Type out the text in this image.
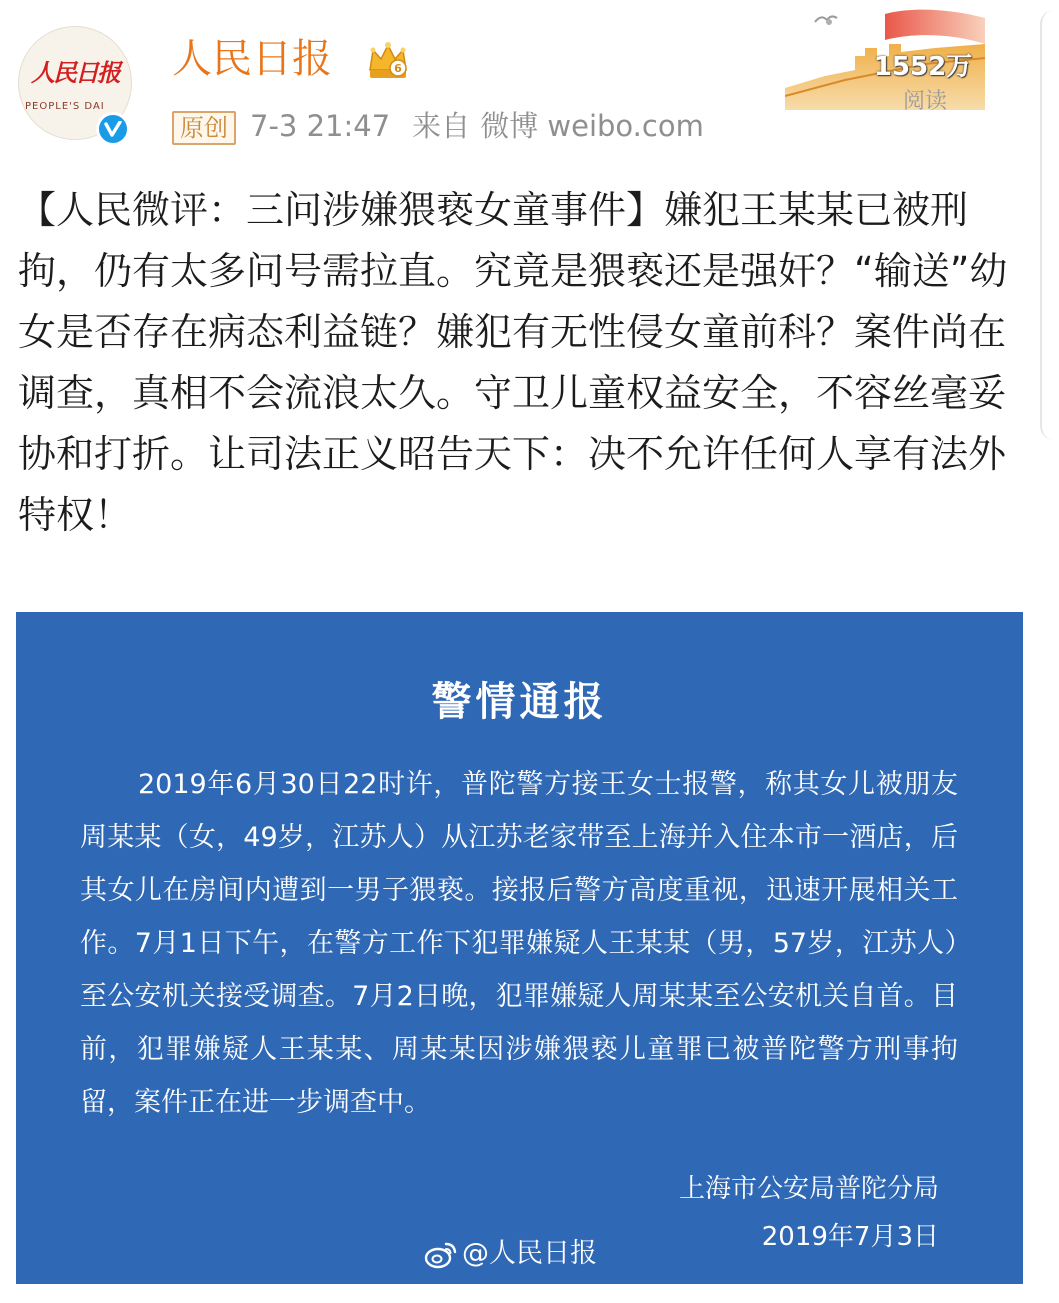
人民日报
PEOPLE'S DAI
人民日报	6
原创 7-3 21:47 来自 微博 weibo.com
1552万
阅读

【人民微评：三问涉嫌猥亵女童事件】嫌犯王某某已被刑拘，仍有太多问号需拉直。究竟是猥亵还是强奸？“输送”幼女是否存在病态利益链？嫌犯有无性侵女童前科？案件尚在调查，真相不会流浪太久。守卫儿童权益安全，不容丝毫妥协和打折。让司法正义昭告天下：决不允许任何人享有法外特权！

警情通报

2019年6月30日22时许，普陀警方接王女士报警，称其女儿被朋友周某某（女，49岁，江苏人）从江苏老家带至上海并入住本市一酒店，后其女儿在房间内遭到一男子猥亵。接报后警方高度重视，迅速开展相关工作。7月1日下午，在警方工作下犯罪嫌疑人王某某（男，57岁，江苏人）至公安机关接受调查。7月2日晚，犯罪嫌疑人周某某至公安机关自首。目前，犯罪嫌疑人王某某、周某某因涉嫌猥亵儿童罪已被普陀警方刑事拘留，案件正在进一步调查中。

上海市公安局普陀分局
2019年7月3日
@人民日报
